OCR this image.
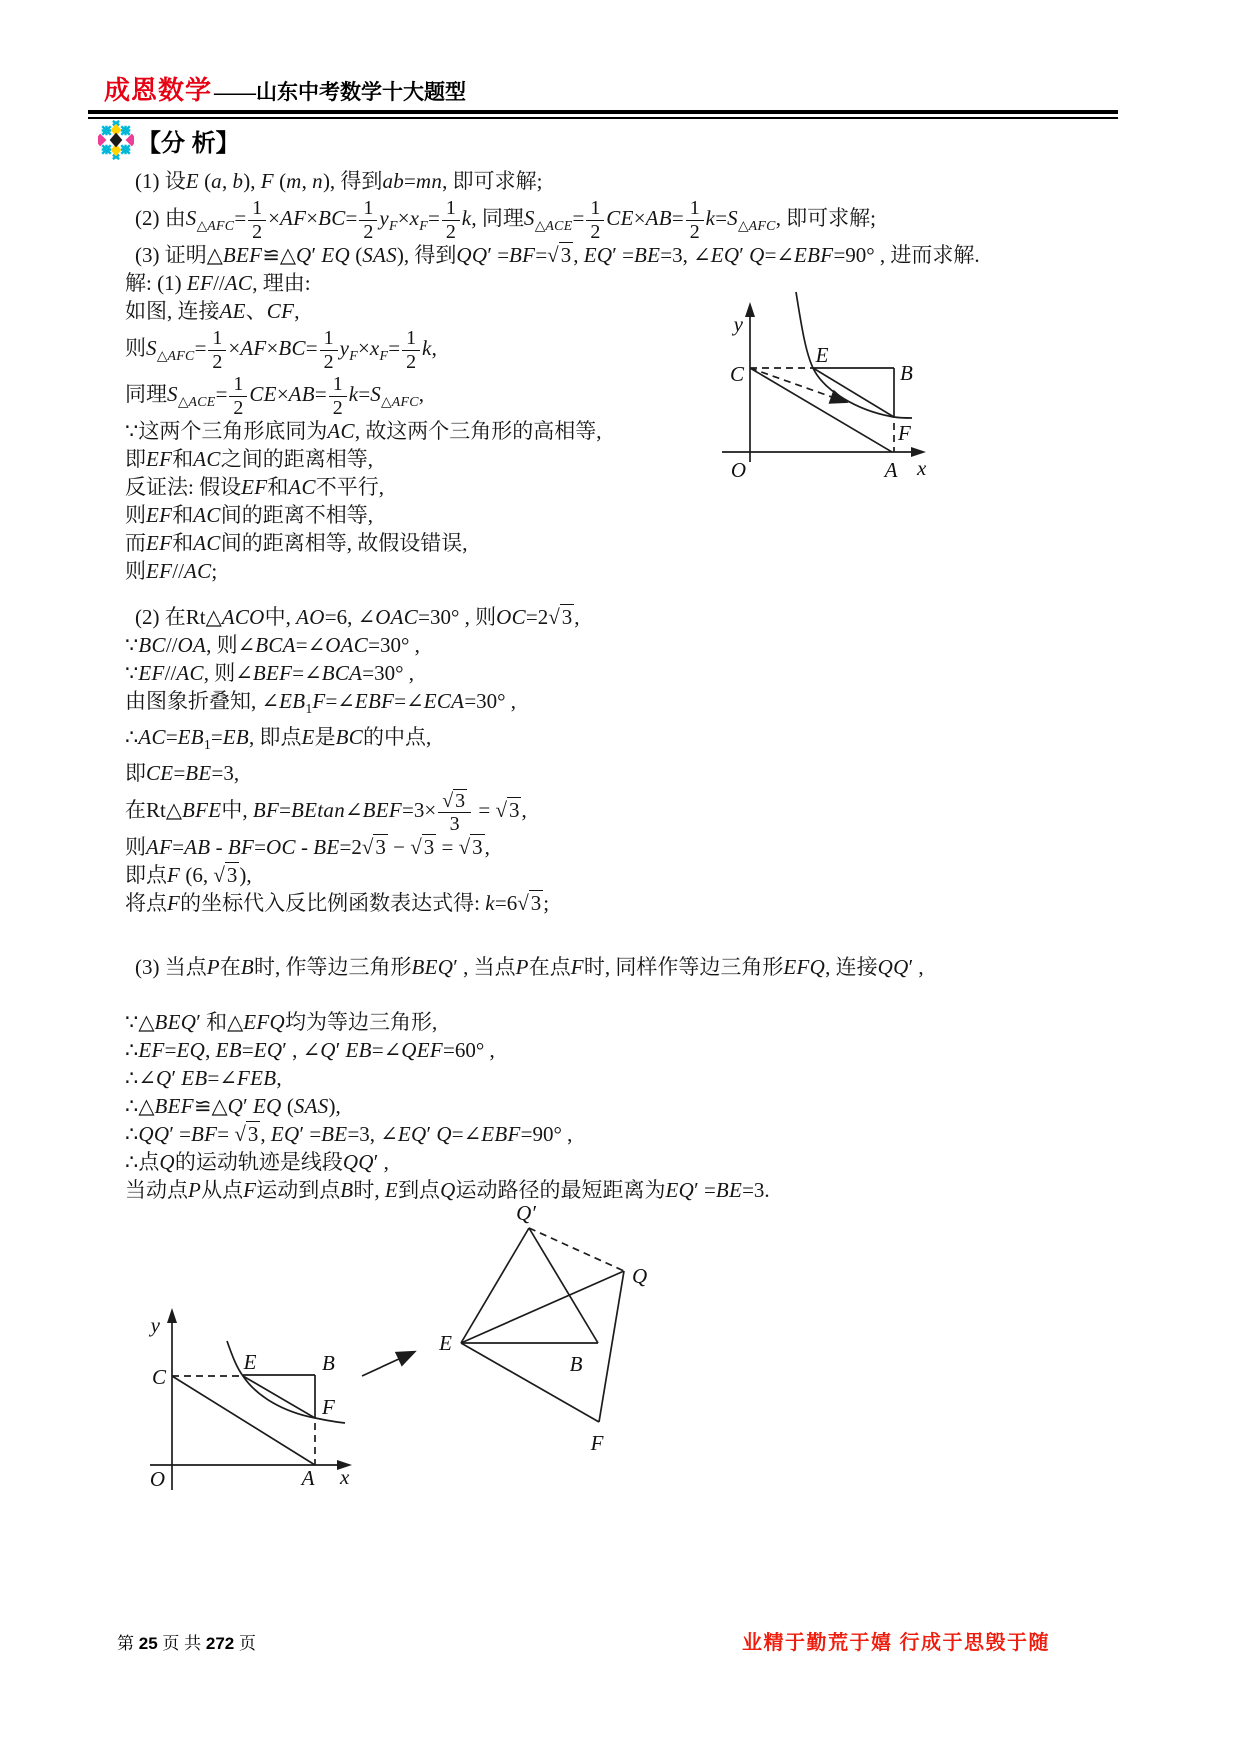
成恩数学——山东中考数学十大题型
【分 析】
(1) 设E (a, b), F (m, n), 得到ab=mn, 即可求解;
(2) 由$S_{\triangle AFC}= \frac{1}{2} \times AF\times BC= \frac{1}{2} y_F\times x_F= \frac{1}{2} k$, 同理$S_{\triangle ACE}= \frac{1}{2} CE\times AB= \frac{1}{2} k=S_{\triangle AFC}$, 即可求解;
(3) 证明△BEF≌△Q′ EQ (SAS), 得到QQ′ =BF=√3, EQ′ =BE=3, ∠EQ′ Q=∠EBF=90° , 进而求解.
解: (1) EF//AC, 理由:
如图, 连接AE、CF,
则$S_{\triangle AFC}= \frac{1}{2} \times AF\times BC= \frac{1}{2} y_F\times x_F= \frac{1}{2} k$,
同理$S_{\triangle ACE}= \frac{1}{2} CE\times AB= \frac{1}{2} k=S_{\triangle AFC}$,
∵这两个三角形底同为AC, 故这两个三角形的高相等,
即EF和AC之间的距离相等,
反证法: 假设EF和AC不平行,
则EF和AC间的距离不相等,
而EF和AC间的距离相等, 故假设错误,
则EF//AC;
(2) 在Rt△ACO中, AO=6, ∠OAC=30° , 则OC=2√3,
∵BC//OA, 则∠BCA=∠OAC=30° ,
∵EF//AC, 则∠BEF=∠BCA=30° ,
由图象折叠知, $\angle EB_1F=\angle EBF=\angle ECA=30^\circ$ ,
$\therefore AC=EB_1=EB$, 即点E是BC的中点,
即CE=BE=3,
在Rt△BFE中, BF=BEtan∠BEF=3× $\frac{√ 3}{3} = √3$,
则AF=AB - BF=OC - BE=2√3 − √3 = √3,
即点F (6, √3),
将点F的坐标代入反比例函数表达式得: k=6√3;
(3) 当点P在B时, 作等边三角形BEQ′ , 当点P在点F时, 同样作等边三角形EFQ, 连接QQ′ ,
∵△BEQ′ 和△EFQ均为等边三角形,
∴EF=EQ, EB=EQ′ , ∠Q′ EB=∠QEF=60° ,
∴∠Q′ EB=∠FEB,
∴△BEF≌△Q′ EQ (SAS),
∴QQ′ =BF= √3, EQ′ =BE=3, ∠EQ′ Q=∠EBF=90° ,
∴点Q的运动轨迹是线段QQ′ ,
当动点P从点F运动到点B时, E到点Q运动路径的最短距离为EQ′ =BE=3.
y
C
E
B
F
O	A x
y
C
E	B
F
O	A x
Q′
Q
E
B
F
第 25 页 共 272 页	业精于勤荒于嬉 行成于思毁于随
